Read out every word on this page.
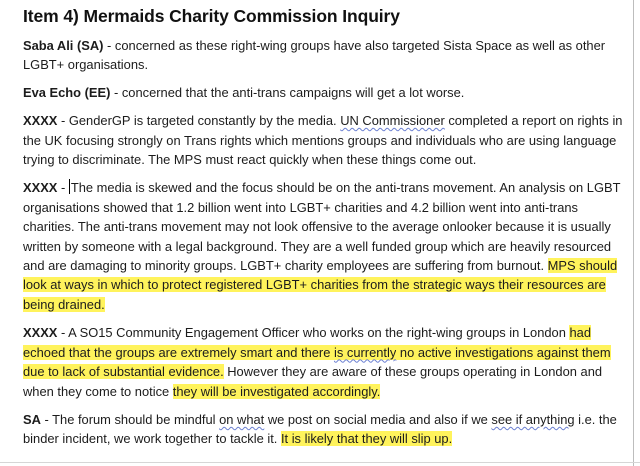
Item 4) Mermaids Charity Commission Inquiry

Saba Ali (SA) - concerned as these right-wing groups have also targeted Sista Space as well as other LGBT+ organisations.

Eva Echo (EE) - concerned that the anti-trans campaigns will get a lot worse.

XXXX - GenderGP is targeted constantly by the media. UN Commissioner completed a report on rights in the UK focusing strongly on Trans rights which mentions groups and individuals who are using language trying to discriminate. The MPS must react quickly when these things come out.

XXXX - The media is skewed and the focus should be on the anti-trans movement. An analysis on LGBT organisations showed that 1.2 billion went into LGBT+ charities and 4.2 billion went into anti-trans charities. The anti-trans movement may not look offensive to the average onlooker because it is usually written by someone with a legal background. They are a well funded group which are heavily resourced and are damaging to minority groups. LGBT+ charity employees are suffering from burnout. MPS should look at ways in which to protect registered LGBT+ charities from the strategic ways their resources are being drained.

XXXX - A SO15 Community Engagement Officer who works on the right-wing groups in London had echoed that the groups are extremely smart and there is currently no active investigations against them due to lack of substantial evidence. However they are aware of these groups operating in London and when they come to notice they will be investigated accordingly.

SA - The forum should be mindful on what we post on social media and also if we see if anything i.e. the binder incident, we work together to tackle it. It is likely that they will slip up.
